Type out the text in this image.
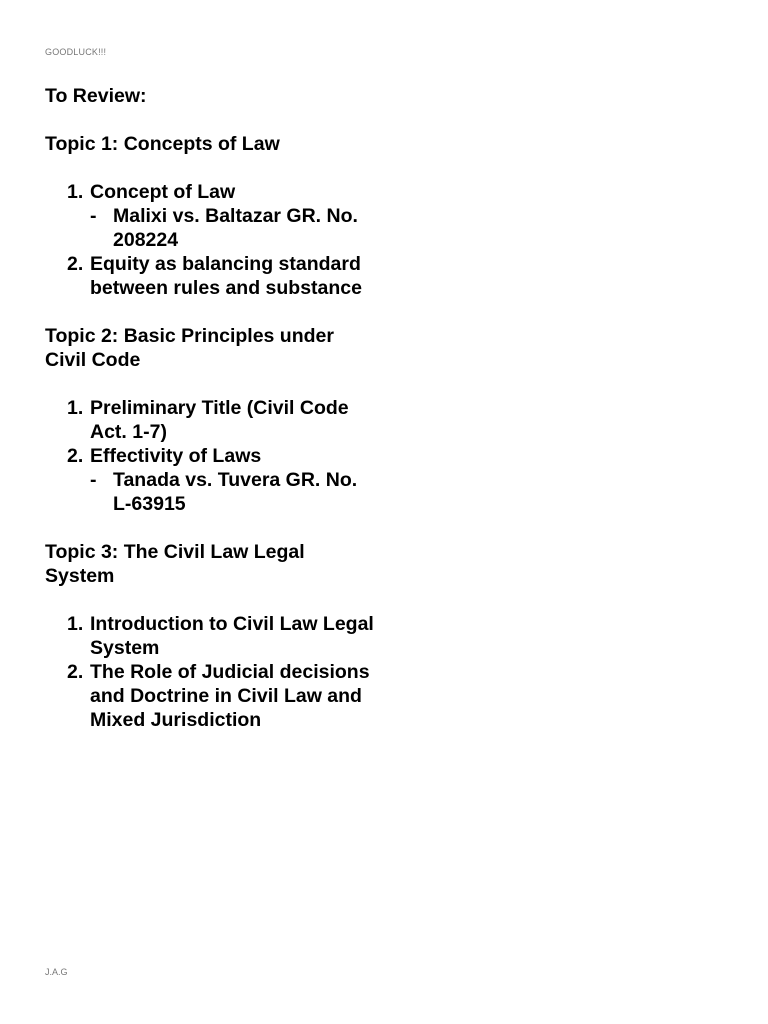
GOODLUCK!!!
To Review:
Topic 1: Concepts of Law
1. Concept of Law
- Malixi vs. Baltazar GR. No. 208224
2. Equity as balancing standard between rules and substance
Topic 2: Basic Principles under Civil Code
1. Preliminary Title (Civil Code Act. 1-7)
2. Effectivity of Laws
- Tanada vs. Tuvera GR. No. L-63915
Topic 3: The Civil Law Legal System
1. Introduction to Civil Law Legal System
2. The Role of Judicial decisions and Doctrine in Civil Law and Mixed Jurisdiction
J.A.G
